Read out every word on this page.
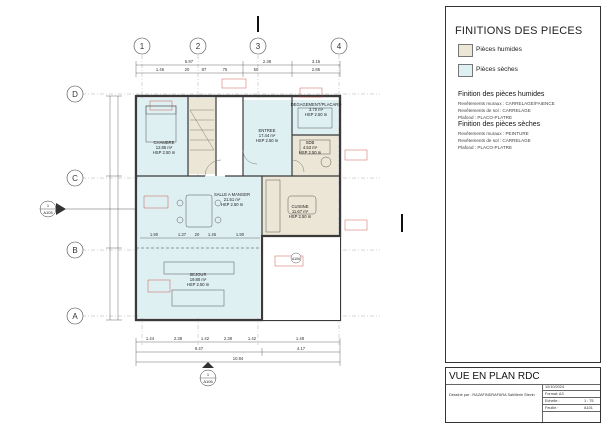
1	2	3	4
D
C
B
A
CHAMBRE
12.85 m²
HSP 2.50 m
ENTREE
17.44 m²
HSP 2.50 m
DEGAGEMENT/PLACARD
3.70 m²
HSP 2.50 m
SDB
4.53 m²
HSP 2.50 m
SALLE A MANGER
21.51 m²
HSP 2.50 m	CUISINE
11.67 m²
HSP 2.50 m
SEJOUR
19.80 m²
HSP 2.50 m
5.97	2.38	3.16
1.46	20	87	75	50	2.85
1.90	1.37 20 1.46	1.90
1.44	2.38	1.42	2.38	1.42	1.48
6.47	4.17
10.84
1
A105
1
A106
A106
FINITIONS DES PIECES
Pièces humides
Pièces sèches
Finition des pièces humides
Revêtements muraux : CARRELAGE/FAIENCE
Revêtements de sol : CARRELAGE
Plafond : PLACO-PLATRE
Finition des pièces sèches
Revêtements muraux : PEINTURE
Revêtements de sol : CARRELAGE
Plafond : PLACO-PLATRE
VUE EN PLAN RDC
10/10/2024
Dessiné par : RAZAFINDRAFARA Sahillerie Stevin	Format: A3
Echelle :	1 : 75
Feuille :	A101
